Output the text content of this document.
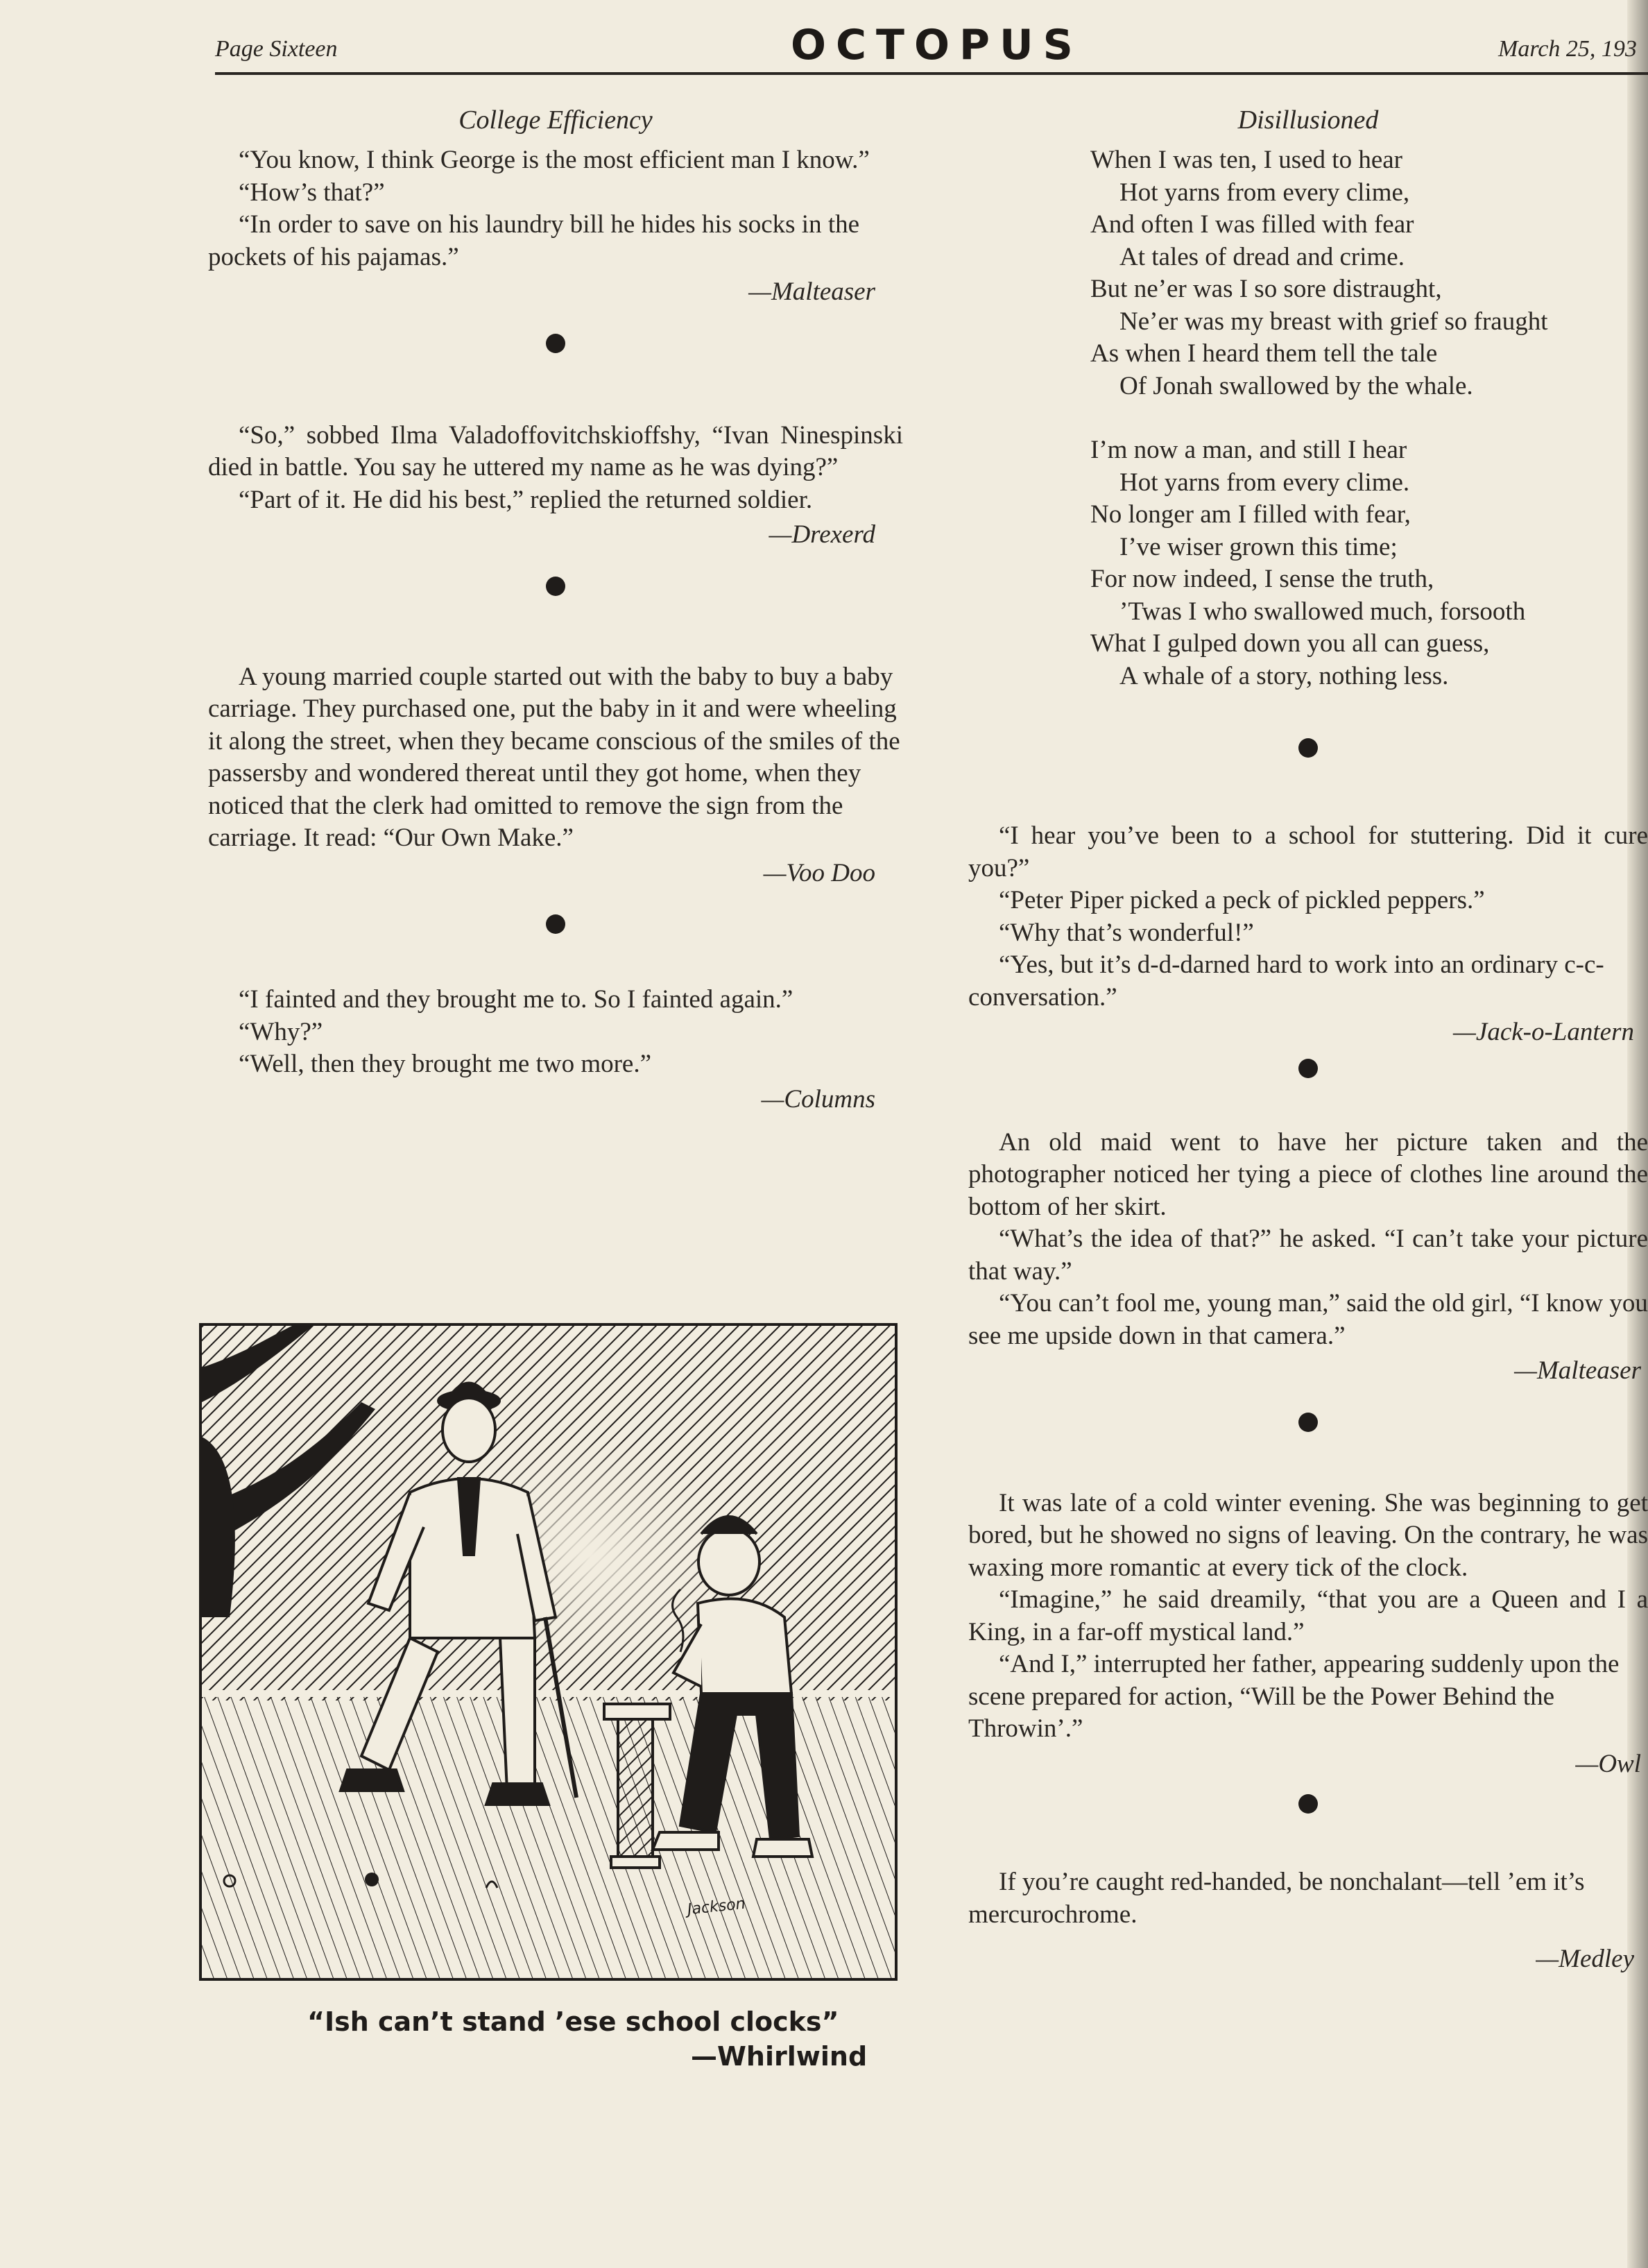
Page Sixteen	OCTOPUS	March 25, 193
College Efficiency

“You know, I think George is the most efficient man I know.”

“How’s that?”

“In order to save on his laundry bill he hides his socks in the pockets of his pajamas.”

—Malteaser

“So,” sobbed Ilma Valadoffovitchskioffshy, “Ivan Ninespinski died in battle. You say he uttered my name as he was dying?”

“Part of it. He did his best,” replied the returned soldier.

—Drexerd

A young married couple started out with the baby to buy a baby carriage. They purchased one, put the baby in it and were wheeling it along the street, when they became conscious of the smiles of the passersby and wondered thereat until they got home, when they noticed that the clerk had omitted to remove the sign from the carriage. It read: “Our Own Make.”

—Voo Doo

“I fainted and they brought me to. So I fainted again.”

“Why?”

“Well, then they brought me two more.”

—Columns

Jackson
“Ish can’t stand ’ese school clocks”
—Whirlwind
Disillusioned
When I was ten, I used to hear
Hot yarns from every clime,
And often I was filled with fear
At tales of dread and crime.
But ne’er was I so sore distraught,
Ne’er was my breast with grief so fraught
As when I heard them tell the tale
Of Jonah swallowed by the whale.
I’m now a man, and still I hear
Hot yarns from every clime.
No longer am I filled with fear,
I’ve wiser grown this time;
For now indeed, I sense the truth,
’Twas I who swallowed much, forsooth
What I gulped down you all can guess,
A whale of a story, nothing less.

“I hear you’ve been to a school for stuttering. Did it cure you?”

“Peter Piper picked a peck of pickled peppers.”

“Why that’s wonderful!”

“Yes, but it’s d-d-darned hard to work into an ordinary c-c-conversation.”

—Jack-o-Lantern

An old maid went to have her picture taken and the photographer noticed her tying a piece of clothes line around the bottom of her skirt.

“What’s the idea of that?” he asked. “I can’t take your picture that way.”

“You can’t fool me, young man,” said the old girl, “I know you see me upside down in that camera.”

—Malteaser

It was late of a cold winter evening. She was beginning to get bored, but he showed no signs of leaving. On the contrary, he was waxing more romantic at every tick of the clock.

“Imagine,” he said dreamily, “that you are a Queen and I a King, in a far-off mystical land.”

“And I,” interrupted her father, appearing suddenly upon the scene prepared for action, “Will be the Power Behind the Throwin’.”

—Owl

If you’re caught red-handed, be nonchalant—tell ’em it’s mercurochrome.

—Medley
